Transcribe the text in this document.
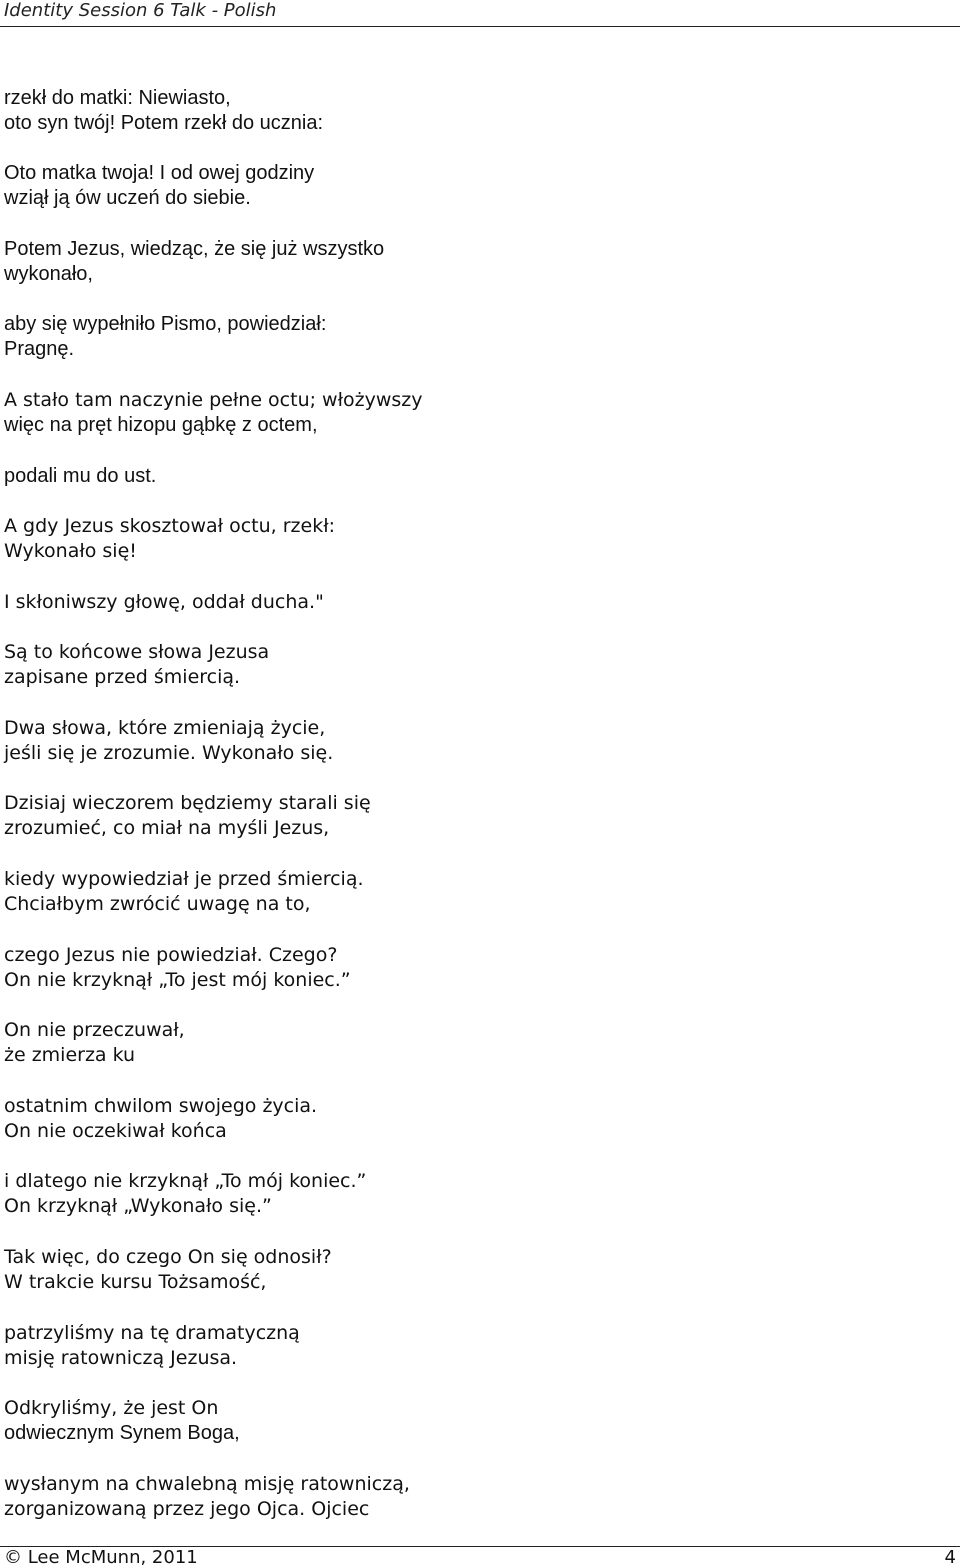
Identity Session 6 Talk - Polish
rzekł do matki: Niewiasto,
oto syn twój! Potem rzekł do ucznia:
Oto matka twoja! I od owej godziny
wziął ją ów uczeń do siebie.
Potem Jezus, wiedząc, że się już wszystko
wykonało,
aby się wypełniło Pismo, powiedział:
Pragnę.
A stało tam naczynie pełne octu; włożywszy
więc na pręt hizopu gąbkę z octem,
podali mu do ust.
A gdy Jezus skosztował octu, rzekł:
Wykonało się!
I skłoniwszy głowę, oddał ducha."
Są to końcowe słowa Jezusa
zapisane przed śmiercią.
Dwa słowa, które zmieniają życie,
jeśli się je zrozumie. Wykonało się.
Dzisiaj wieczorem będziemy starali się
zrozumieć, co miał na myśli Jezus,
kiedy wypowiedział je przed śmiercią.
Chciałbym zwrócić uwagę na to,
czego Jezus nie powiedział. Czego?
On nie krzyknął „To jest mój koniec.”
On nie przeczuwał,
że zmierza ku
ostatnim chwilom swojego życia.
On nie oczekiwał końca
i dlatego nie krzyknął „To mój koniec.”
On krzyknął „Wykonało się.”
Tak więc, do czego On się odnosił?
W trakcie kursu Tożsamość,
patrzyliśmy na tę dramatyczną
misję ratowniczą Jezusa.
Odkryliśmy, że jest On
odwiecznym Synem Boga,
wysłanym na chwalebną misję ratowniczą,
zorganizowaną przez jego Ojca. Ojciec
© Lee McMunn, 2011	4
